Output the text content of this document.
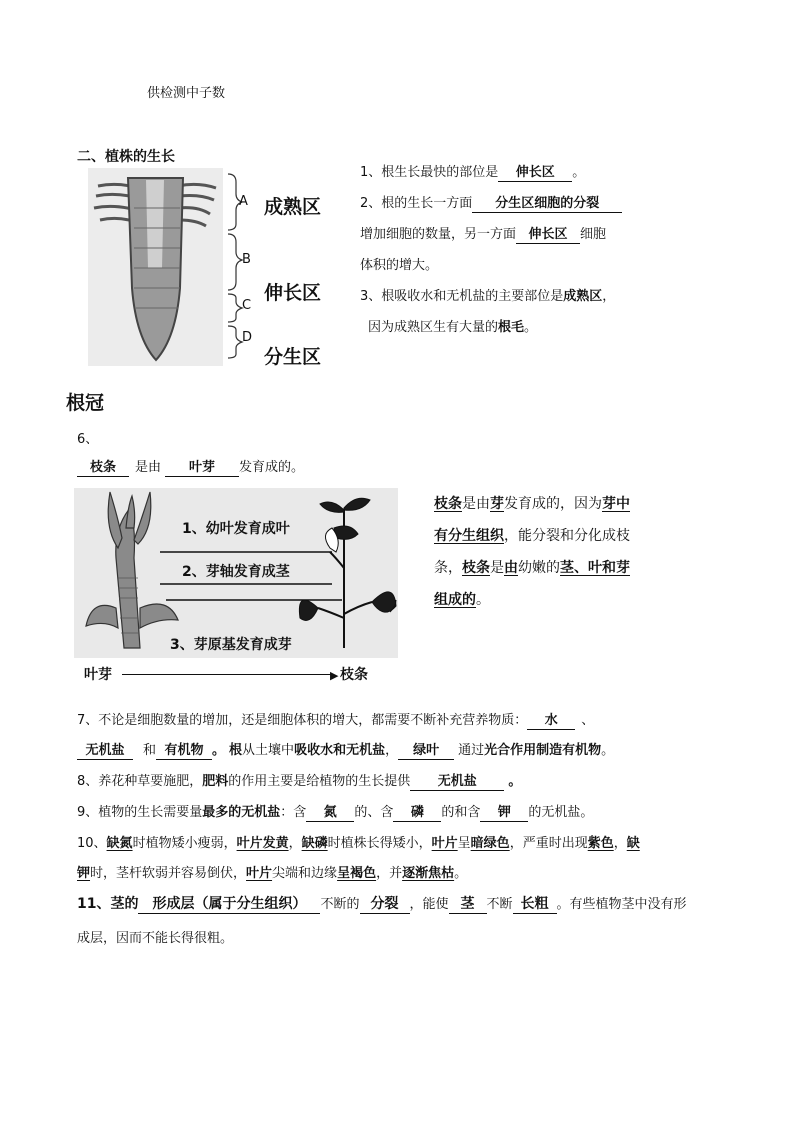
供检测中子数
二、植株的生长
A
B
C
D
成熟区
伸长区
分生区
根冠
1、根生长最快的部位是 伸长区 。
2、根的生长一方面 分生区细胞的分裂
增加细胞的数量，另一方面 伸长区 细胞
体积的增大。
3、根吸收水和无机盐的主要部位是成熟区，
因为成熟区生有大量的根毛。
6、
枝条 是由 叶芽 发育成的。
1、幼叶发育成叶
2、芽轴发育成茎
3、芽原基发育成芽
叶芽	▶ 枝条
枝条是由芽发育成的，因为芽中
有分生组织，能分裂和分化成枝
条，枝条是由幼嫩的茎、叶和芽
组成的。
7、不论是细胞数量的增加，还是细胞体积的增大，都需要不断补充营养物质： 水 、
无机盐 和 有机物 。 根从土壤中吸收水和无机盐， 绿叶 通过光合作用制造有机物。
8、养花种草要施肥，肥料的作用主要是给植物的生长提供 无机盐 。
9、植物的生长需要量最多的无机盐：含 氮 的、含 磷 的和含 钾 的无机盐。
10、缺氮时植物矮小瘦弱，叶片发黄，缺磷时植株长得矮小，叶片呈暗绿色，严重时出现紫色，缺
钾时，茎杆软弱并容易倒伏，叶片尖端和边缘呈褐色，并逐渐焦枯。
11、茎的 形成层（属于分生组织） 不断的 分裂 ，能使 茎 不断 长粗 。有些植物茎中没有形
成层，因而不能长得很粗。
